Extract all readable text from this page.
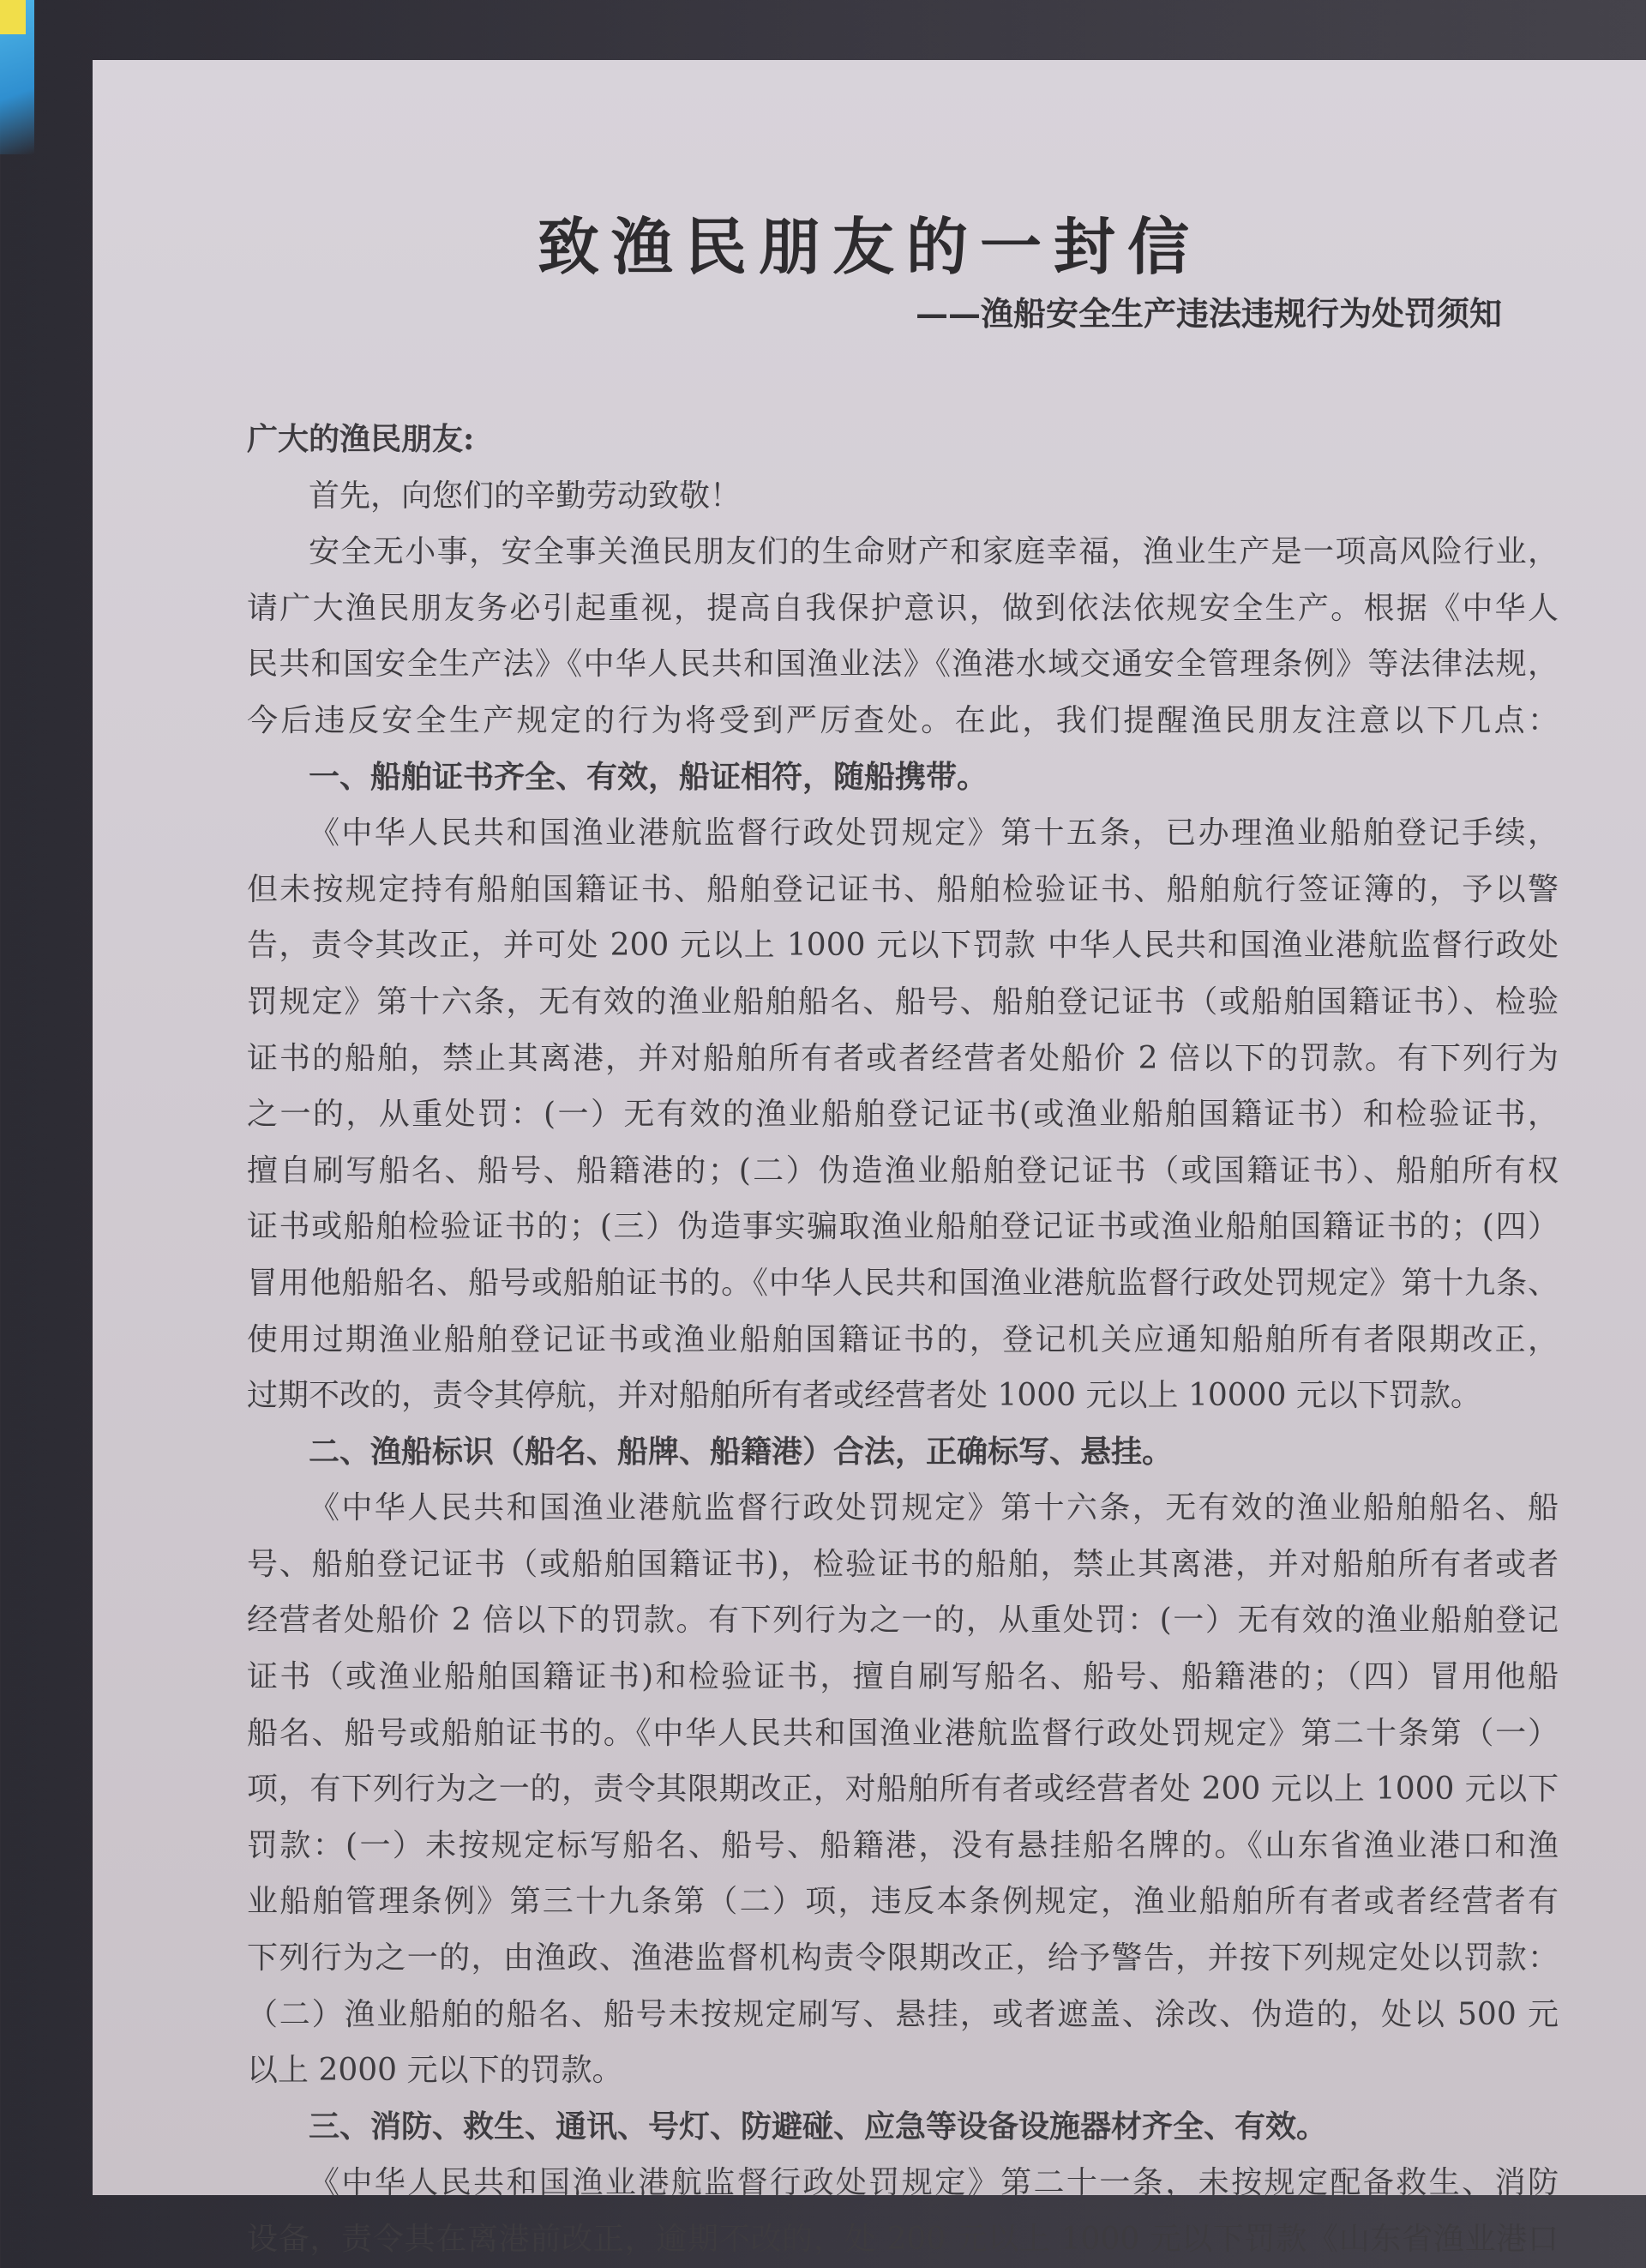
致渔民朋友的一封信
——渔船安全生产违法违规行为处罚须知

广大的渔民朋友:

首先，向您们的辛勤劳动致敬！

安全无小事，安全事关渔民朋友们的生命财产和家庭幸福，渔业生产是一项高风险行业，

请广大渔民朋友务必引起重视，提高自我保护意识，做到依法依规安全生产。根据《中华人

民共和国安全生产法》《中华人民共和国渔业法》《渔港水域交通安全管理条例》等法律法规，

今后违反安全生产规定的行为将受到严厉查处。在此，我们提醒渔民朋友注意以下几点：

一、船舶证书齐全、有效，船证相符，随船携带。

《中华人民共和国渔业港航监督行政处罚规定》第十五条，已办理渔业船舶登记手续，

但未按规定持有船舶国籍证书、船舶登记证书、船舶检验证书、船舶航行签证簿的，予以警

告，责令其改正，并可处 200 元以上 1000 元以下罚款 中华人民共和国渔业港航监督行政处

罚规定》第十六条，无有效的渔业船舶船名、船号、船舶登记证书（或船舶国籍证书）、检验

证书的船舶，禁止其离港，并对船舶所有者或者经营者处船价 2 倍以下的罚款。有下列行为

之一的，从重处罚：(一）无有效的渔业船舶登记证书(或渔业船舶国籍证书）和检验证书，

擅自刷写船名、船号、船籍港的；(二）伪造渔业船舶登记证书（或国籍证书）、船舶所有权

证书或船舶检验证书的；(三）伪造事实骗取渔业船舶登记证书或渔业船舶国籍证书的；(四）

冒用他船船名、船号或船舶证书的。《中华人民共和国渔业港航监督行政处罚规定》第十九条、

使用过期渔业船舶登记证书或渔业船舶国籍证书的，登记机关应通知船舶所有者限期改正，

过期不改的，责令其停航，并对船舶所有者或经营者处 1000 元以上 10000 元以下罚款。

二、渔船标识（船名、船牌、船籍港）合法，正确标写、悬挂。

《中华人民共和国渔业港航监督行政处罚规定》第十六条，无有效的渔业船舶船名、船

号、船舶登记证书（或船舶国籍证书)，检验证书的船舶，禁止其离港，并对船舶所有者或者

经营者处船价 2 倍以下的罚款。有下列行为之一的，从重处罚：(一）无有效的渔业船舶登记

证书（或渔业船舶国籍证书)和检验证书，擅自刷写船名、船号、船籍港的；（四）冒用他船

船名、船号或船舶证书的。《中华人民共和国渔业港航监督行政处罚规定》第二十条第（一）

项，有下列行为之一的，责令其限期改正，对船舶所有者或经营者处 200 元以上 1000 元以下

罚款：(一）未按规定标写船名、船号、船籍港，没有悬挂船名牌的。《山东省渔业港口和渔

业船舶管理条例》第三十九条第（二）项，违反本条例规定，渔业船舶所有者或者经营者有

下列行为之一的，由渔政、渔港监督机构责令限期改正，给予警告，并按下列规定处以罚款：

（二）渔业船舶的船名、船号未按规定刷写、悬挂，或者遮盖、涂改、伪造的，处以 500 元

以上 2000 元以下的罚款。

三、消防、救生、通讯、号灯、防避碰、应急等设备设施器材齐全、有效。

《中华人民共和国渔业港航监督行政处罚规定》第二十一条，未按规定配备救生、消防

设备，责令其在离港前改正，逾期不改的，处 200 元以上 1000 元以下罚款《山东省渔业港口
